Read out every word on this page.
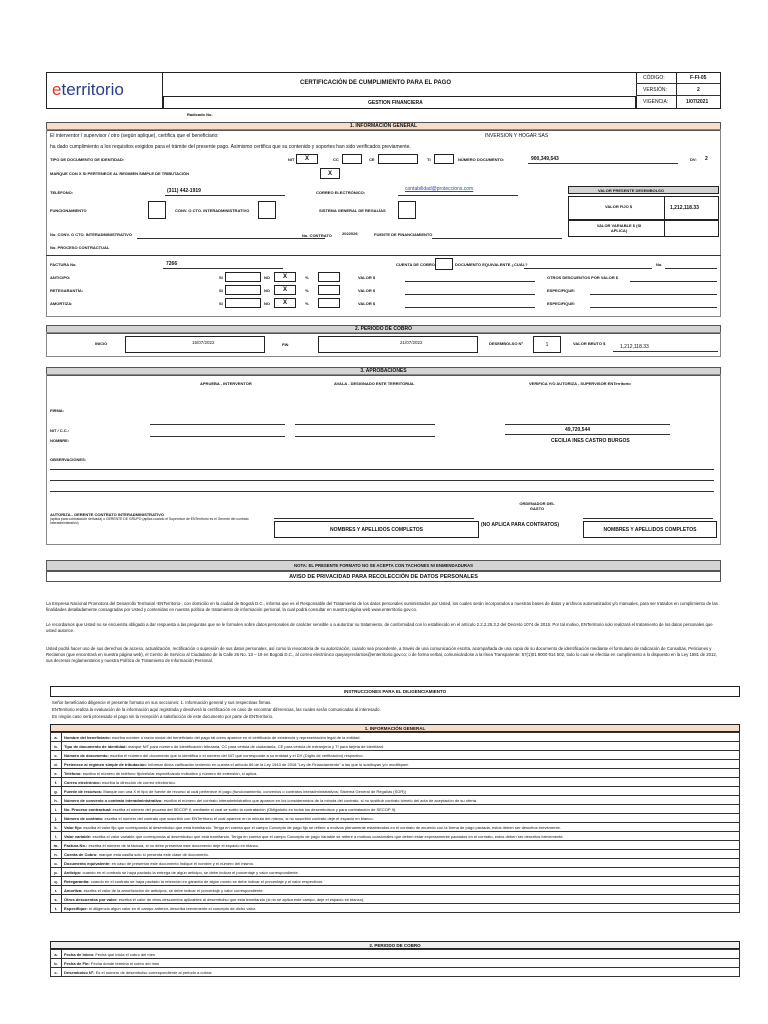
eterritorio	CERTIFICACIÓN DE CUMPLIMIENTO PARA EL PAGO
GESTION FINANCIERA
CÓDIGO:	F-FI-05
VERSIÓN:	2
VIGENCIA:	1/07/2021
Radicado No.
1. INFORMACIÓN GENERAL
El interventor / supervisor / otro (según aplique), certifica que el beneficiario:	INVERSION Y HOGAR SAS
ha dado cumplimiento a los requisitos exigidos para el trámite del presente pago. Asimismo certifica que su contenido y soportes han sido verificados previamente.
TIPO DE DOCUMENTO DE IDENTIDAD:	NIT	X	CC	CE	TI	NÚMERO DOCUMENTO:	900,349,543	DV: 2
MARQUE CON X SI PERTENECE AL REGIMEN SIMPLE DE TRIBUTACIÓN	X
TELÉFONO:	(311) 442-1919	CORREO ELECTRÓNICO:
contabilidad@proteccions.com	VALOR PRESENTE DESEMBOLSO
FUNCIONAMIENTO	CONV. O CTO. INTERADMINISTRATIVO	SISTEMA GENERAL DE REGALÍAS
VALOR FIJO $	1,212,118.33
VALOR VARIABLE $ (SI APLICA)
No. CONV. O CTO. INTERADMINISTRATIVO	No. CONTRATO	2022026	FUENTE DE FINANCIAMIENTO
No. PROCESO CONTRACTUAL
FACTURA No.	7266	CUENTA DE COBRO	DOCUMENTO EQUIVALENTE ¿CUÁL?	No.
ANTICIPO:	SI	NO	X	%	VALOR $	OTROS DESCUENTOS POR VALOR $
RETEGARANTÍA:	SI	NO	X	%	VALOR $	ESPECIFIQUE:
AMORTIZA:	SI	NO	X	%	VALOR $	ESPECIFIQUE:
2. PERIODO DE COBRO
INICIO	15/07/2022	FIN	21/07/2022	DESEMBOLSO Nº	1	VALOR BRUTO $
1,212,118.33
3. APROBACIONES
APRUEBA - INTERVENTOR	AVALA - DESIGNADO ENTE TERRITORIAL	VERIFICA Y/O AUTORIZA - SUPERVISOR ENTerritorio
FIRMA:
NIT / C.C.:
NOMBRE:
49,720,544
CECILIA INES CASTRO BURGOS
OBSERVACIONES:
ORDENADOR DEL GASTO
AUTORIZA - GERENTE CONTRATO INTERADMINISTRATIVO
(aplica para contratación derivada) o GERENTE DE GRUPO (aplica cuando el Supervisor de ENTerritorio es el Gerente del contrato interadministrativo)
NOMBRES Y APELLIDOS COMPLETOS
(NO APLICA PARA CONTRATOS)
NOMBRES Y APELLIDOS COMPLETOS
NOTA: EL PRESENTE FORMATO NO SE ACEPTA CON TACHONES NI ENMENDADURAS
AVISO DE PRIVACIDAD PARA RECOLECCIÓN DE DATOS PERSONALES
La Empresa Nacional Promotora del Desarrollo Territorial -ENTerritorio-, con domicilio en la ciudad de Bogotá D.C., informa que es el Responsable del Tratamiento de los datos personales suministrados por Usted, los cuales serán incorporados a nuestras bases de datos y archivos automatizados y/o manuales, para ser tratados en cumplimiento de las finalidades detalladamente consagradas por Usted y contenidas en nuestra política de tratamiento de información personal, la cual podrá consultar en nuestra página web www.enterritorio.gov.co.
Le recordamos que Usted no se encuentra obligado a dar respuesta a las preguntas que se le formulen sobre datos personales de carácter sensible o a autorizar su tratamiento, de conformidad con lo establecido en el artículo 2.2.2.25.3.2 del Decreto 1074 de 2015. Por tal motivo, ENTerritorio solo realizará el tratamiento de los datos personales que usted autorice.
Usted podrá hacer uso de sus derechos de acceso, actualización, rectificación o supresión de sus datos personales, así como la revocatoria de su autorización, cuando sea procedente, a través de una comunicación escrita, acompañada de una copia de su documento de identificación mediante el formulario de radicación de Consultas, Peticiones y Reclamos (que encontrará en nuestra página web), el Centro de Servicio al Ciudadano de la Calle 26 No. 13 – 19 en Bogotá D.C., al correo electrónico quejasyreclamos@enterritorio.gov.co; o de forma verbal, comunicándose a la línea Transparente: 57(1)01 8000 914 502, todo lo cual se efectúa en cumplimiento a lo dispuesto en la Ley 1581 de 2012, sus decretos reglamentarios y nuestra Política de Tratamiento de Información Personal.
INSTRUCCIONES PARA EL DILIGENCIAMIENTO
Señor beneficiario diligencie el presente formato en sus secciones: 1. Información general y sus respectivas firmas.
ENTerritorio realiza la evaluación de la información aquí registrada y devolverá la certificación en caso de encontrar diferencias, las cuales serán comunicadas al interesado.
En ningún caso será procesado el pago sin la recepción a satisfacción de este documento por parte de ENTerritorio.
1. INFORMACIÓN GENERAL
a.	Nombre del beneficiario: escriba nombre o razón social del beneficiario del pago tal como aparece en el certificado de existencia y representación legal de la entidad.
b.	Tipo de documento de identidad: marque NIT para número de identificación tributaria, CC para cédula de ciudadanía, CE para cédula de extranjería y TI para tarjeta de identidad.
c.	Número de documento: escriba el número del documento que lo identifica o el número del NIT que corresponde a su entidad y el DV (Dígito de verificación) respectivo.
d.	Pertenece al regimen simple de tributación: Informar dicha calificación teniendo en cuenta el artículo 66 de la Ley 1943 de 2018 "Ley de Financiamiento" a las que lo sustituyan y/o modifiquen
e.	Teléfono: escriba el número de teléfono fijo/celular especificando indicativo y número de extensión, si aplica.
f.	Correo electrónico: escriba la dirección de correo electrónico.
g.	Fuente de recursos: Marque con una X el tipo de fuente de recurso al cual pertenece el pago (funcionamiento, convenios o contratos interadministrativos; Sistema General de Regalías (SGR))
h.	Número de convenio o contrato interadministrativo: escriba el número del contrato interadministrativo que aparece en los considerandos de la minuta del contrato, si no sustituir contrato tómelo del acta de aceptación de su oferta.
i.	No. Proceso contractual: escriba el número del proceso del SECOP II, mediante el cual se surtió la contratación (Obligatorio en todos los desembolsos y para contratación de SECOP II).
j.	Número de contrato: escriba el número del contrato que suscribió con ENTerritorio el cual aparece en la minuta del mismo, si no suscribió contrato deje el espacio en blanco.
k.	Valor fijo: escriba el valor fijo que corresponda al desembolso que esta tramitando. Tenga en cuenta que el campo Concepto de pago fijo se refiere a motivos plenamente establecidos en el contrato de acuerdo con la forma de pago pactada, estos deben ser descritos brevemente.
l.	Valor variable: escriba el valor variable que corresponda al desembolso que está tramitando. Tenga en cuenta que el campo Concepto de pago Variable se refiere a motivos ocasionales que deben estar expresamente pactados en el contrato, estos deben ser descritos brevemente.
m.	Factura No.: escriba el número de la factura, si no debe presentar este documento deje el espacio en blanco.
n.	Cuenta de Cobro: marque esta casilla solo si presenta este clase de documento.
o.	Documento equivalente: en caso de presentar este documento indique el nombre y el número del mismo.
p.	Anticipo: cuando en el contrato se haya pactado la entrega de algún anticipo, se debe indicar el porcentaje y valor correspondiente.
q.	Retegarantía: cuando en el contrato se haya pactado la retención en garantía de algún monto se debe indicar el porcentaje y el valor respectivos.
r.	Amortiza: escriba el valor de la amortización de anticipos, se debe indicar el porcentaje y valor correspondiente.
s.	Otros descuentos por valor: escriba el valor de otros descuentos aplicables al desembolso que esta tramitando (si no se aplica este campo, deje el espacio en blanco).
t.	Especifique: el diligencio algún valor en el campo anterior, describa brevemente el concepto de dicho valor.
2. PERIODO DE COBRO
a.	Fecha de Inicio: Fecha que inicia el cobro del mes
b.	Fecha de Fin: Fecha donde termina el cobro del mes
c.	Desembolso Nº: Es el numero de desembolso correspondiente al periodo a cobrar
